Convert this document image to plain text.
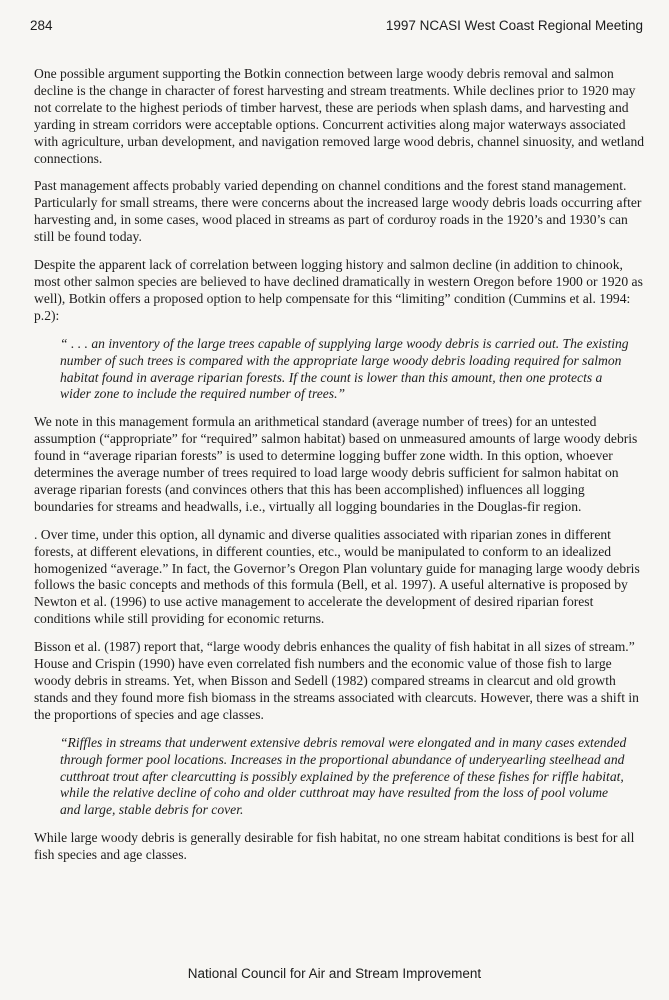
284	1997 NCASI West Coast Regional Meeting

One possible argument supporting the Botkin connection between large woody debris removal and salmon decline is the change in character of forest harvesting and stream treatments. While declines prior to 1920 may not correlate to the highest periods of timber harvest, these are periods when splash dams, and harvesting and yarding in stream corridors were acceptable options. Concurrent activities along major waterways associated with agriculture, urban development, and navigation removed large wood debris, channel sinuosity, and wetland connections.

Past management affects probably varied depending on channel conditions and the forest stand management. Particularly for small streams, there were concerns about the increased large woody debris loads occurring after harvesting and, in some cases, wood placed in streams as part of corduroy roads in the 1920’s and 1930’s can still be found today.

Despite the apparent lack of correlation between logging history and salmon decline (in addition to chinook, most other salmon species are believed to have declined dramatically in western Oregon before 1900 or 1920 as well), Botkin offers a proposed option to help compensate for this “limiting” condition (Cummins et al. 1994: p.2):

“ . . . an inventory of the large trees capable of supplying large woody debris is carried out. The existing number of such trees is compared with the appropriate large woody debris loading required for salmon habitat found in average riparian forests. If the count is lower than this amount, then one protects a wider zone to include the required number of trees.”

We note in this management formula an arithmetical standard (average number of trees) for an untested assumption (“appropriate” for “required” salmon habitat) based on unmeasured amounts of large woody debris found in “average riparian forests” is used to determine logging buffer zone width. In this option, whoever determines the average number of trees required to load large woody debris sufficient for salmon habitat on average riparian forests (and convinces others that this has been accomplished) influences all logging boundaries for streams and headwalls, i.e., virtually all logging boundaries in the Douglas-fir region.

. Over time, under this option, all dynamic and diverse qualities associated with riparian zones in different forests, at different elevations, in different counties, etc., would be manipulated to conform to an idealized homogenized “average.” In fact, the Governor’s Oregon Plan voluntary guide for managing large woody debris follows the basic concepts and methods of this formula (Bell, et al. 1997). A useful alternative is proposed by Newton et al. (1996) to use active management to accelerate the development of desired riparian forest conditions while still providing for economic returns.

Bisson et al. (1987) report that, “large woody debris enhances the quality of fish habitat in all sizes of stream.” House and Crispin (1990) have even correlated fish numbers and the economic value of those fish to large woody debris in streams. Yet, when Bisson and Sedell (1982) compared streams in clearcut and old growth stands and they found more fish biomass in the streams associated with clearcuts. However, there was a shift in the proportions of species and age classes.

“Riffles in streams that underwent extensive debris removal were elongated and in many cases extended through former pool locations. Increases in the proportional abundance of underyearling steelhead and cutthroat trout after clearcutting is possibly explained by the preference of these fishes for riffle habitat, while the relative decline of coho and older cutthroat may have resulted from the loss of pool volume and large, stable debris for cover.

While large woody debris is generally desirable for fish habitat, no one stream habitat conditions is best for all fish species and age classes.

National Council for Air and Stream Improvement
